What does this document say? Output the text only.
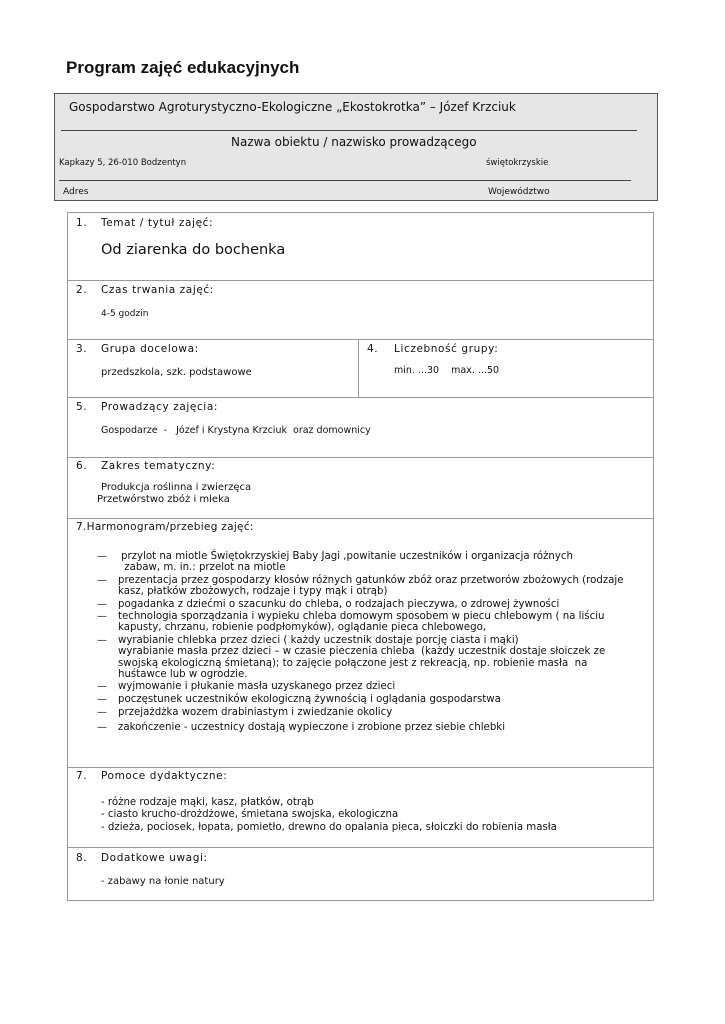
Program zajęć edukacyjnych
Gospodarstwo Agroturystyczno-Ekologiczne „Ekostokrotka” – Józef Krzciuk
Nazwa obiektu / nazwisko prowadzącego
Kapkazy 5, 26-010 Bodzentyn	świętokrzyskie
Adres	Województwo
1. Temat / tytuł zajęć:
Od ziarenka do bochenka
2. Czas trwania zajęć:
4-5 godzin
3. Grupa docelowa:
przedszkola, szk. podstawowe
4. Liczebność grupy:
min. ...30    max. ...50
5. Prowadzący zajęcia:
Gospodarze  -   Józef i Krystyna Krzciuk  oraz domownicy
6. Zakres tematyczny:
Produkcja roślinna i zwierzęca
Przetwórstwo zbóż i mleka
7.Harmonogram/przebieg zajęć:
— przylot na miotle Świętokrzyskiej Baby Jagi ,powitanie uczestników i organizacja różnych
zabaw, m. in.: przelot na miotle
— prezentacja przez gospodarzy kłosów różnych gatunków zbóż oraz przetworów zbożowych (rodzaje
kasz, płatków zbożowych, rodzaje i typy mąk i otrąb)
— pogadanka z dziećmi o szacunku do chleba, o rodzajach pieczywa, o zdrowej żywności
— technologia sporządzania i wypieku chleba domowym sposobem w piecu chlebowym ( na liściu
kapusty, chrzanu, robienie podpłomyków), oglądanie pieca chlebowego,
— wyrabianie chlebka przez dzieci ( każdy uczestnik dostaje porcję ciasta i mąki)
wyrabianie masła przez dzieci – w czasie pieczenia chleba  (każdy uczestnik dostaje słoiczek ze
swojską ekologiczną śmietaną); to zajęcie połączone jest z rekreacją, np. robienie masła  na
huśtawce lub w ogrodzie.
— wyjmowanie i płukanie masła uzyskanego przez dzieci
— poczęstunek uczestników ekologiczną żywnością i oglądania gospodarstwa
— przejażdżka wozem drabiniastym i zwiedzanie okolicy
— zakończenie - uczestnicy dostają wypieczone i zrobione przez siebie chlebki
7. Pomoce dydaktyczne:
- różne rodzaje mąki, kasz, płatków, otrąb
- ciasto krucho-drożdżowe, śmietana swojska, ekologiczna
- dzieża, pociosek, łopata, pomietło, drewno do opalania pieca, słoiczki do robienia masła
8. Dodatkowe uwagi:
- zabawy na łonie natury
